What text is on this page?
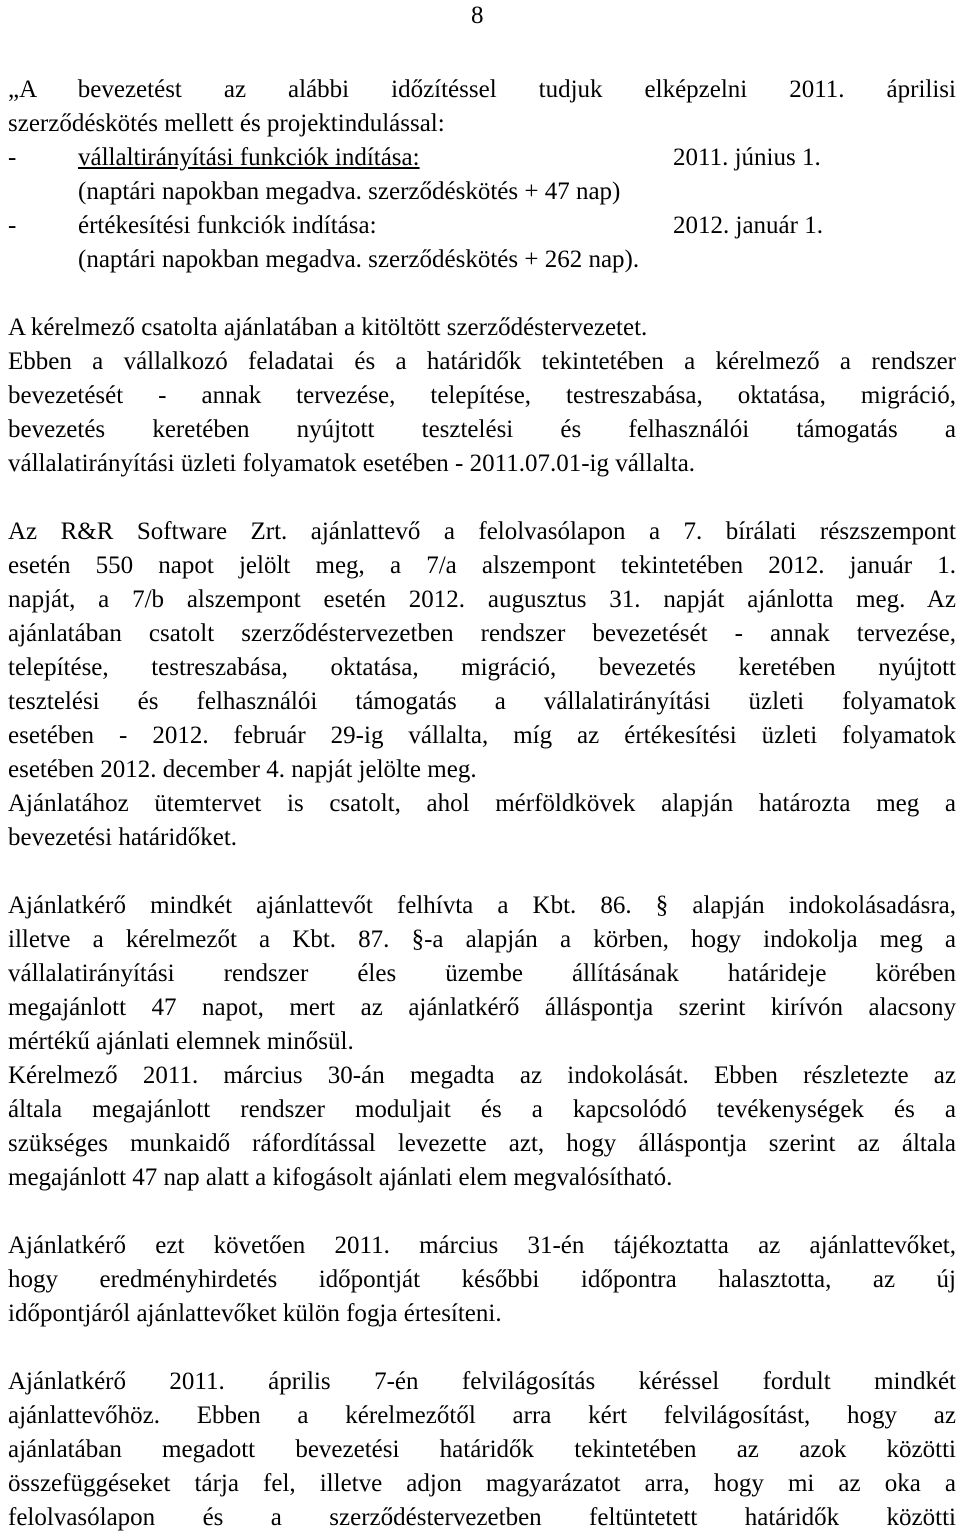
8
„A bevezetést az alábbi időzítéssel tudjuk elképzelni 2011. áprilisi
szerződéskötés mellett és projektindulással:
- vállaltirányítási funkciók indítása:	2011. június 1.
(naptári napokban megadva. szerződéskötés + 47 nap)
- értékesítési funkciók indítása:	2012. január 1.
(naptári napokban megadva. szerződéskötés + 262 nap).
A kérelmező csatolta ajánlatában a kitöltött szerződéstervezetet.
Ebben a vállalkozó feladatai és a határidők tekintetében a kérelmező a rendszer
bevezetését - annak tervezése, telepítése, testreszabása, oktatása, migráció,
bevezetés keretében nyújtott tesztelési és felhasználói támogatás a
vállalatirányítási üzleti folyamatok esetében - 2011.07.01-ig vállalta.
Az R&R Software Zrt. ajánlattevő a felolvasólapon a 7. bírálati részszempont
esetén 550 napot jelölt meg, a 7/a alszempont tekintetében 2012. január 1.
napját, a 7/b alszempont esetén 2012. augusztus 31. napját ajánlotta meg. Az
ajánlatában csatolt szerződéstervezetben rendszer bevezetését - annak tervezése,
telepítése, testreszabása, oktatása, migráció, bevezetés keretében nyújtott
tesztelési és felhasználói támogatás a vállalatirányítási üzleti folyamatok
esetében - 2012. február 29-ig vállalta, míg az értékesítési üzleti folyamatok
esetében 2012. december 4. napját jelölte meg.
Ajánlatához ütemtervet is csatolt, ahol mérföldkövek alapján határozta meg a
bevezetési határidőket.
Ajánlatkérő mindkét ajánlattevőt felhívta a Kbt. 86. § alapján indokolásadásra,
illetve a kérelmezőt a Kbt. 87. §-a alapján a körben, hogy indokolja meg a
vállalatirányítási rendszer éles üzembe állításának határideje körében
megajánlott 47 napot, mert az ajánlatkérő álláspontja szerint kirívón alacsony
mértékű ajánlati elemnek minősül.
Kérelmező 2011. március 30-án megadta az indokolását. Ebben részletezte az
általa megajánlott rendszer moduljait és a kapcsolódó tevékenységek és a
szükséges munkaidő ráfordítással levezette azt, hogy álláspontja szerint az általa
megajánlott 47 nap alatt a kifogásolt ajánlati elem megvalósítható.
Ajánlatkérő ezt követően 2011. március 31-én tájékoztatta az ajánlattevőket,
hogy eredményhirdetés időpontját későbbi időpontra halasztotta, az új
időpontjáról ajánlattevőket külön fogja értesíteni.
Ajánlatkérő 2011. április 7-én felvilágosítás kéréssel fordult mindkét
ajánlattevőhöz. Ebben a kérelmezőtől arra kért felvilágosítást, hogy az
ajánlatában megadott bevezetési határidők tekintetében az azok közötti
összefüggéseket tárja fel, illetve adjon magyarázatot arra, hogy mi az oka a
felolvasólapon és a szerződéstervezetben feltüntetett határidők közötti
